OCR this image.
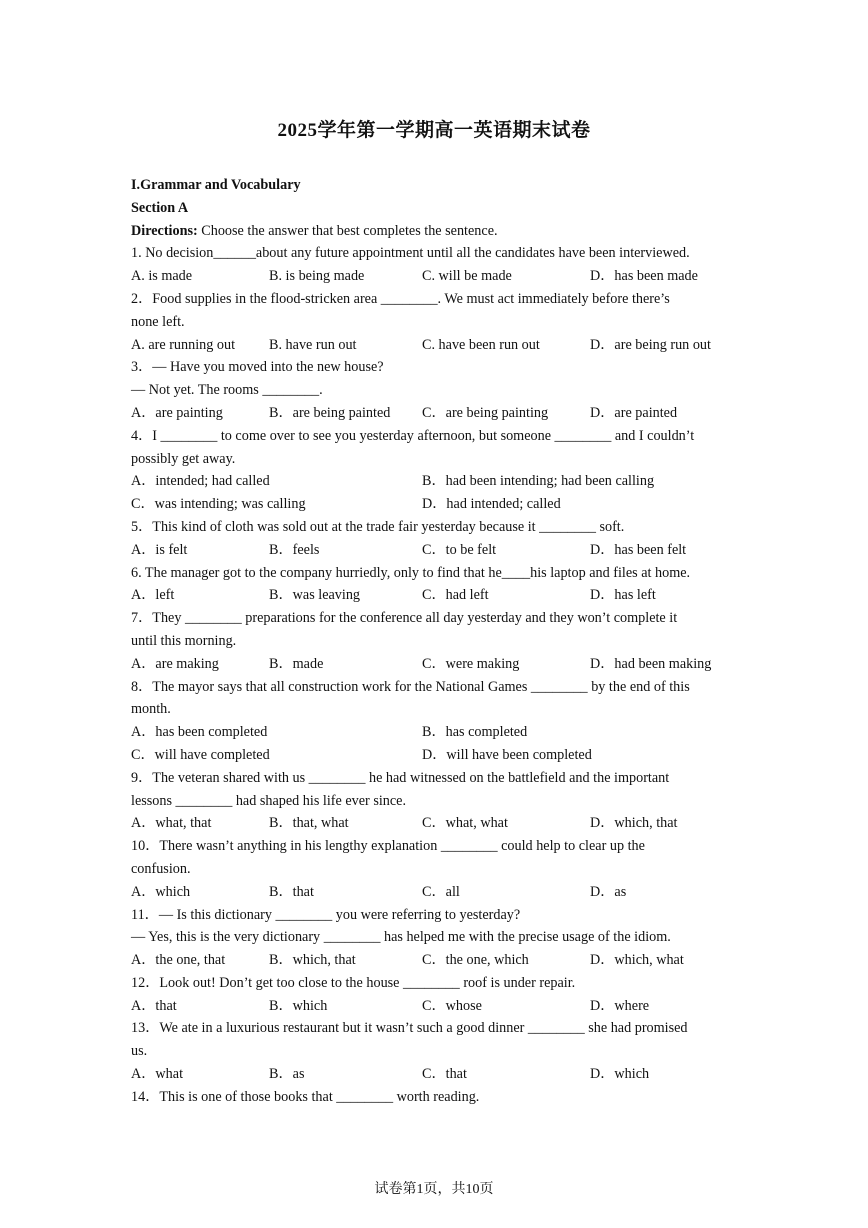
2025学年第一学期高一英语期末试卷
I.Grammar and Vocabulary
Section A
Directions: Choose the answer that best completes the sentence.
1. No decision______about any future appointment until all the candidates have been interviewed.
A. is made	B. is being made	C. will be made	D．has been made
2．Food supplies in the flood-stricken area ________. We must act immediately before there’s
none left.
A. are running out B. have run out	C. have been run out	D．are being run out
3．— Have you moved into the new house?
— Not yet. The rooms ________.
A．are painting	B．are being painted C．are being painting	D．are painted
4．I ________ to come over to see you yesterday afternoon, but someone ________ and I couldn’t
possibly get away.
A．intended; had called	B．had been intending; had been calling
C．was intending; was calling	D．had intended; called
5．This kind of cloth was sold out at the trade fair yesterday because it ________ soft.
A．is felt	B．feels	C．to be felt	D．has been felt
6. The manager got to the company hurriedly, only to find that he____his laptop and files at home.
A．left	B．was leaving	C．had left	D．has left
7．They ________ preparations for the conference all day yesterday and they won’t complete it
until this morning.
A．are making	B．made	C．were making	D．had been making
8．The mayor says that all construction work for the National Games ________ by the end of this
month.
A．has been completed	B．has completed
C．will have completed	D．will have been completed
9．The veteran shared with us ________ he had witnessed on the battlefield and the important
lessons ________ had shaped his life ever since.
A．what, that	B．that, what	C．what, what	D．which, that
10．There wasn’t anything in his lengthy explanation ________ could help to clear up the
confusion.
A．which	B．that	C．all	D．as
11．— Is this dictionary ________ you were referring to yesterday?
— Yes, this is the very dictionary ________ has helped me with the precise usage of the idiom.
A．the one, that	B．which, that	C．the one, which	D．which, what
12．Look out! Don’t get too close to the house ________ roof is under repair.
A．that	B．which	C．whose	D．where
13．We ate in a luxurious restaurant but it wasn’t such a good dinner ________ she had promised
us.
A．what	B．as	C．that	D．which
14．This is one of those books that ________ worth reading.
试卷第1页，共10页
